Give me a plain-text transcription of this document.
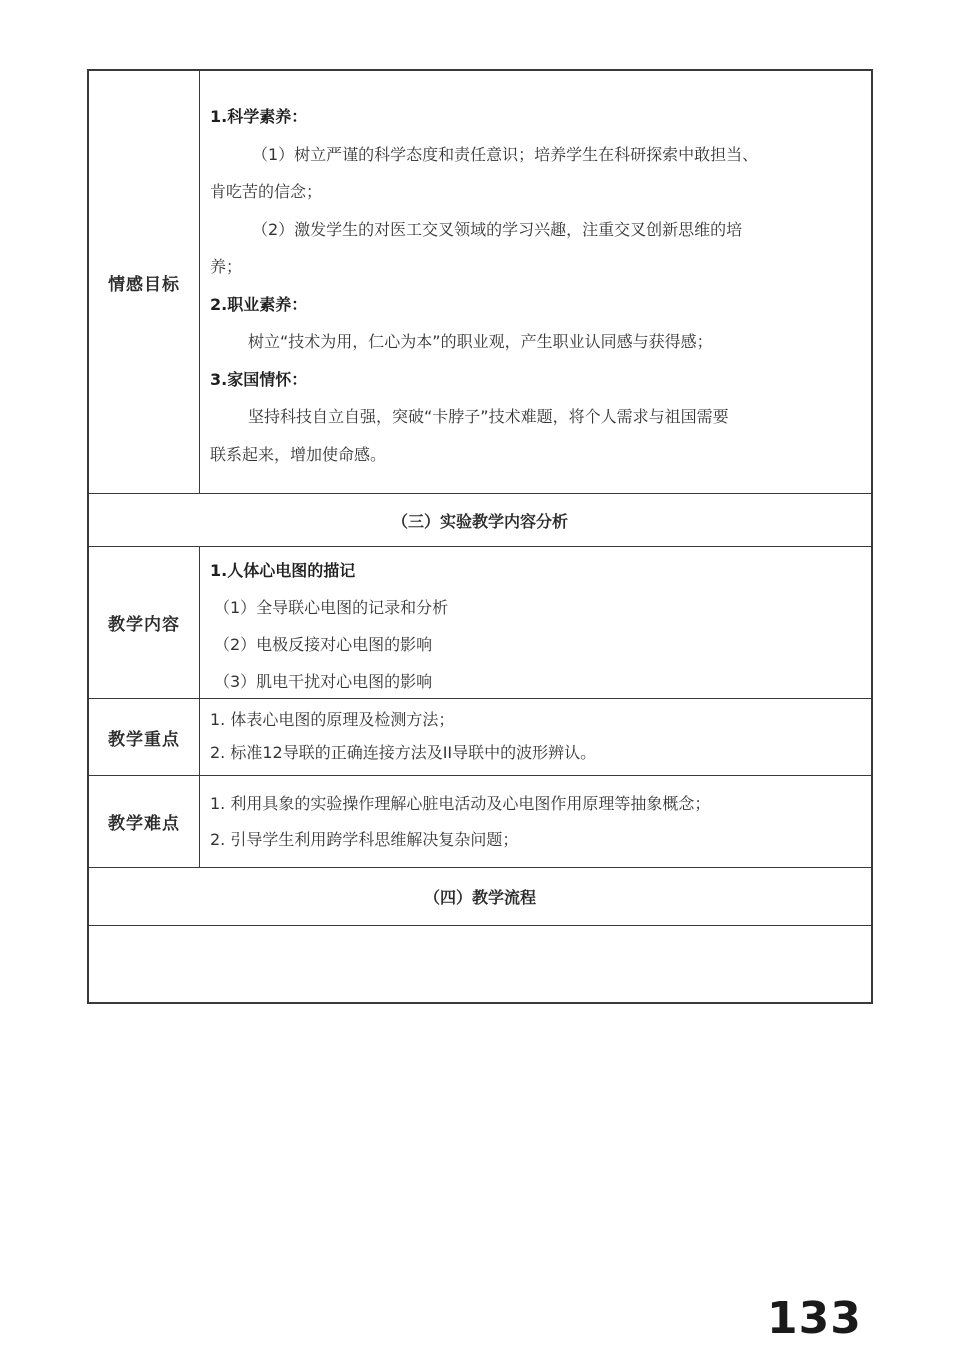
情感目标
1.科学素养：
（1）树立严谨的科学态度和责任意识；培养学生在科研探索中敢担当、
肯吃苦的信念；
（2）激发学生的对医工交叉领域的学习兴趣，注重交叉创新思维的培
养；
2.职业素养：
树立“技术为用，仁心为本”的职业观，产生职业认同感与获得感；
3.家国情怀：
坚持科技自立自强，突破“卡脖子”技术难题，将个人需求与祖国需要
联系起来，增加使命感。
（三）实验教学内容分析
教学内容
1.人体心电图的描记
（1）全导联心电图的记录和分析
（2）电极反接对心电图的影响
（3）肌电干扰对心电图的影响
教学重点
1. 体表心电图的原理及检测方法；
2. 标准12导联的正确连接方法及II导联中的波形辨认。
教学难点
1. 利用具象的实验操作理解心脏电活动及心电图作用原理等抽象概念；
2. 引导学生利用跨学科思维解决复杂问题；
（四）教学流程
133
